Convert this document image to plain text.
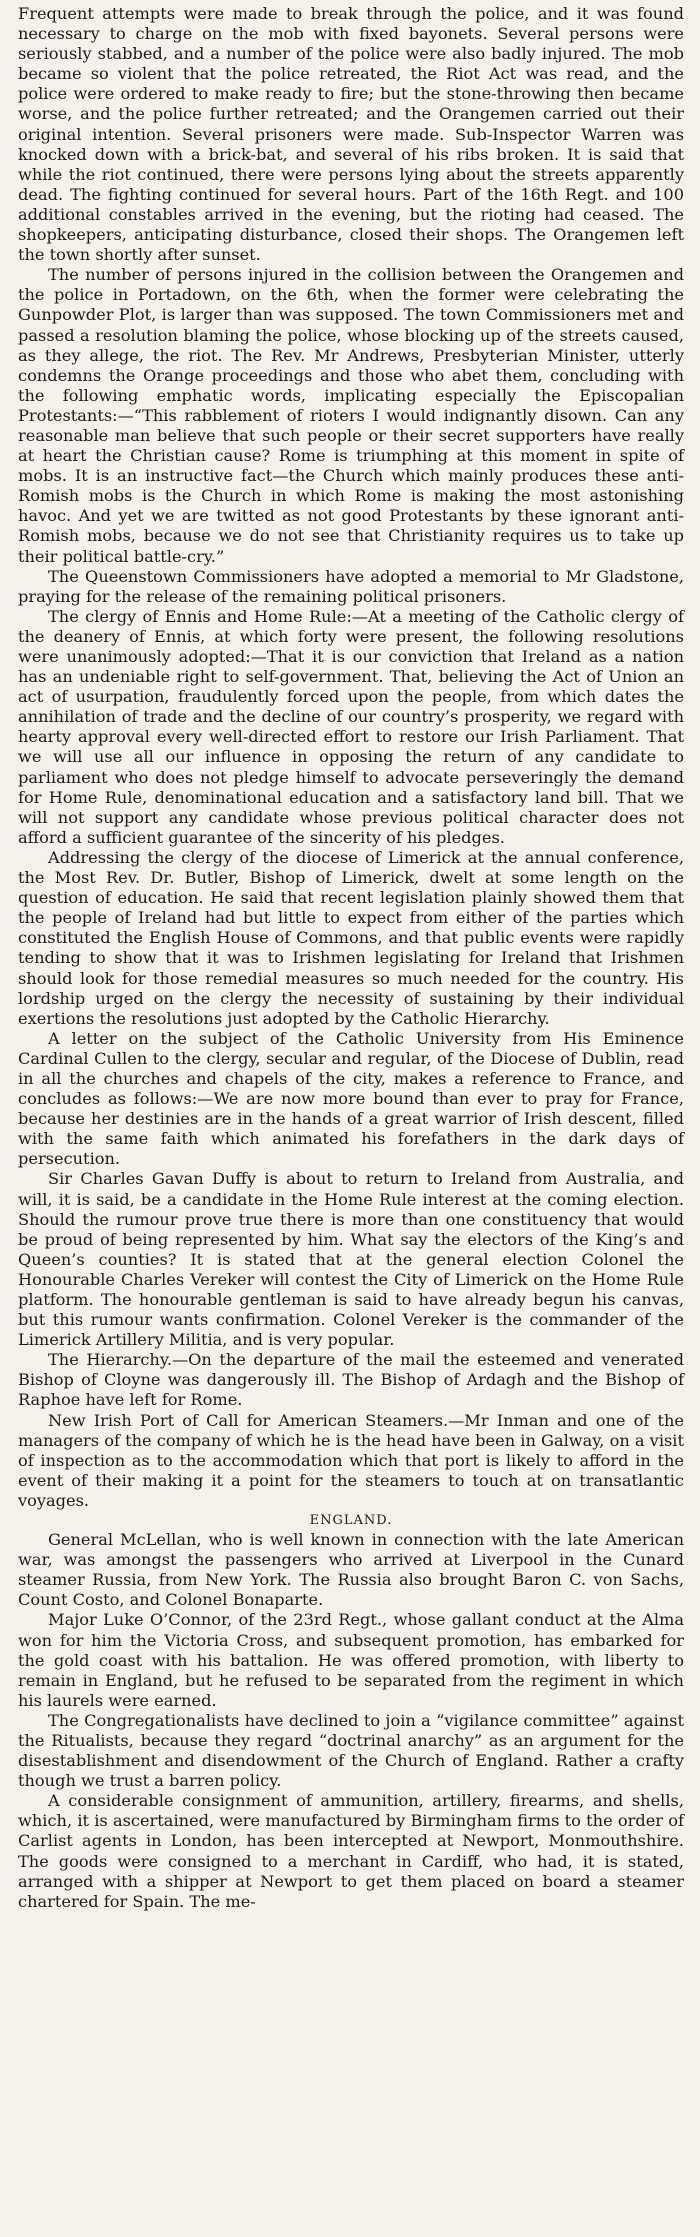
Frequent attempts were made to break through the police, and it was found necessary to charge on the mob with fixed bayonets. Several persons were seriously stabbed, and a number of the police were also badly injured. The mob became so violent that the police retreated, the Riot Act was read, and the police were ordered to make ready to fire; but the stone-throwing then became worse, and the police further retreated; and the Orangemen carried out their original intention. Several prisoners were made. Sub-Inspector Warren was knocked down with a brick-bat, and several of his ribs broken. It is said that while the riot continued, there were persons lying about the streets apparently dead. The fighting continued for several hours. Part of the 16th Regt. and 100 additional constables arrived in the evening, but the rioting had ceased. The shopkeepers, anticipating disturbance, closed their shops. The Orangemen left the town shortly after sunset.

The number of persons injured in the collision between the Orangemen and the police in Portadown, on the 6th, when the former were celebrating the Gunpowder Plot, is larger than was supposed. The town Commissioners met and passed a resolution blaming the police, whose blocking up of the streets caused, as they allege, the riot. The Rev. Mr Andrews, Presbyterian Minister, utterly condemns the Orange proceedings and those who abet them, concluding with the following emphatic words, implicating especially the Episcopalian Protestants:—“This rabblement of rioters I would indignantly disown. Can any reasonable man believe that such people or their secret supporters have really at heart the Christian cause? Rome is triumphing at this moment in spite of mobs. It is an instructive fact—the Church which mainly produces these anti-Romish mobs is the Church in which Rome is making the most astonishing havoc. And yet we are twitted as not good Protestants by these ignorant anti-Romish mobs, because we do not see that Christianity requires us to take up their political battle-cry.”

The Queenstown Commissioners have adopted a memorial to Mr Gladstone, praying for the release of the remaining political prisoners.

The clergy of Ennis and Home Rule:—At a meeting of the Catholic clergy of the deanery of Ennis, at which forty were present, the following resolutions were unanimously adopted:—That it is our conviction that Ireland as a nation has an undeniable right to self-government. That, believing the Act of Union an act of usurpation, fraudulently forced upon the people, from which dates the annihilation of trade and the decline of our country’s prosperity, we regard with hearty approval every well-directed effort to restore our Irish Parliament. That we will use all our influence in opposing the return of any candidate to parliament who does not pledge himself to advocate perseveringly the demand for Home Rule, denominational education and a satisfactory land bill. That we will not support any candidate whose previous political character does not afford a sufficient guarantee of the sincerity of his pledges.

Addressing the clergy of the diocese of Limerick at the annual conference, the Most Rev. Dr. Butler, Bishop of Limerick, dwelt at some length on the question of education. He said that recent legislation plainly showed them that the people of Ireland had but little to expect from either of the parties which constituted the English House of Commons, and that public events were rapidly tending to show that it was to Irishmen legislating for Ireland that Irishmen should look for those remedial measures so much needed for the country. His lordship urged on the clergy the necessity of sustaining by their individual exertions the resolutions just adopted by the Catholic Hierarchy.

A letter on the subject of the Catholic University from His Eminence Cardinal Cullen to the clergy, secular and regular, of the Diocese of Dublin, read in all the churches and chapels of the city, makes a reference to France, and concludes as follows:—We are now more bound than ever to pray for France, because her destinies are in the hands of a great warrior of Irish descent, filled with the same faith which animated his forefathers in the dark days of persecution.

Sir Charles Gavan Duffy is about to return to Ireland from Australia, and will, it is said, be a candidate in the Home Rule interest at the coming election. Should the rumour prove true there is more than one constituency that would be proud of being represented by him. What say the electors of the King’s and Queen’s counties? It is stated that at the general election Colonel the Honourable Charles Vereker will contest the City of Limerick on the Home Rule platform. The honourable gentleman is said to have already begun his canvas, but this rumour wants confirmation. Colonel Vereker is the commander of the Limerick Artillery Militia, and is very popular.

The Hierarchy.—On the departure of the mail the esteemed and venerated Bishop of Cloyne was dangerously ill. The Bishop of Ardagh and the Bishop of Raphoe have left for Rome.

New Irish Port of Call for American Steamers.—Mr Inman and one of the managers of the company of which he is the head have been in Galway, on a visit of inspection as to the accommodation which that port is likely to afford in the event of their making it a point for the steamers to touch at on transatlantic voyages.

ENGLAND.

General McLellan, who is well known in connection with the late American war, was amongst the passengers who arrived at Liverpool in the Cunard steamer Russia, from New York. The Russia also brought Baron C. von Sachs, Count Costo, and Colonel Bonaparte.

Major Luke O’Connor, of the 23rd Regt., whose gallant conduct at the Alma won for him the Victoria Cross, and subsequent promotion, has embarked for the gold coast with his battalion. He was offered promotion, with liberty to remain in England, but he refused to be separated from the regiment in which his laurels were earned.

The Congregationalists have declined to join a “vigilance committee” against the Ritualists, because they regard “doctrinal anarchy” as an argument for the disestablishment and disendowment of the Church of England. Rather a crafty though we trust a barren policy.

A considerable consignment of ammunition, artillery, firearms, and shells, which, it is ascertained, were manufactured by Birmingham firms to the order of Carlist agents in London, has been intercepted at Newport, Monmouthshire. The goods were consigned to a merchant in Cardiff, who had, it is stated, arranged with a shipper at Newport to get them placed on board a steamer chartered for Spain. The me-
